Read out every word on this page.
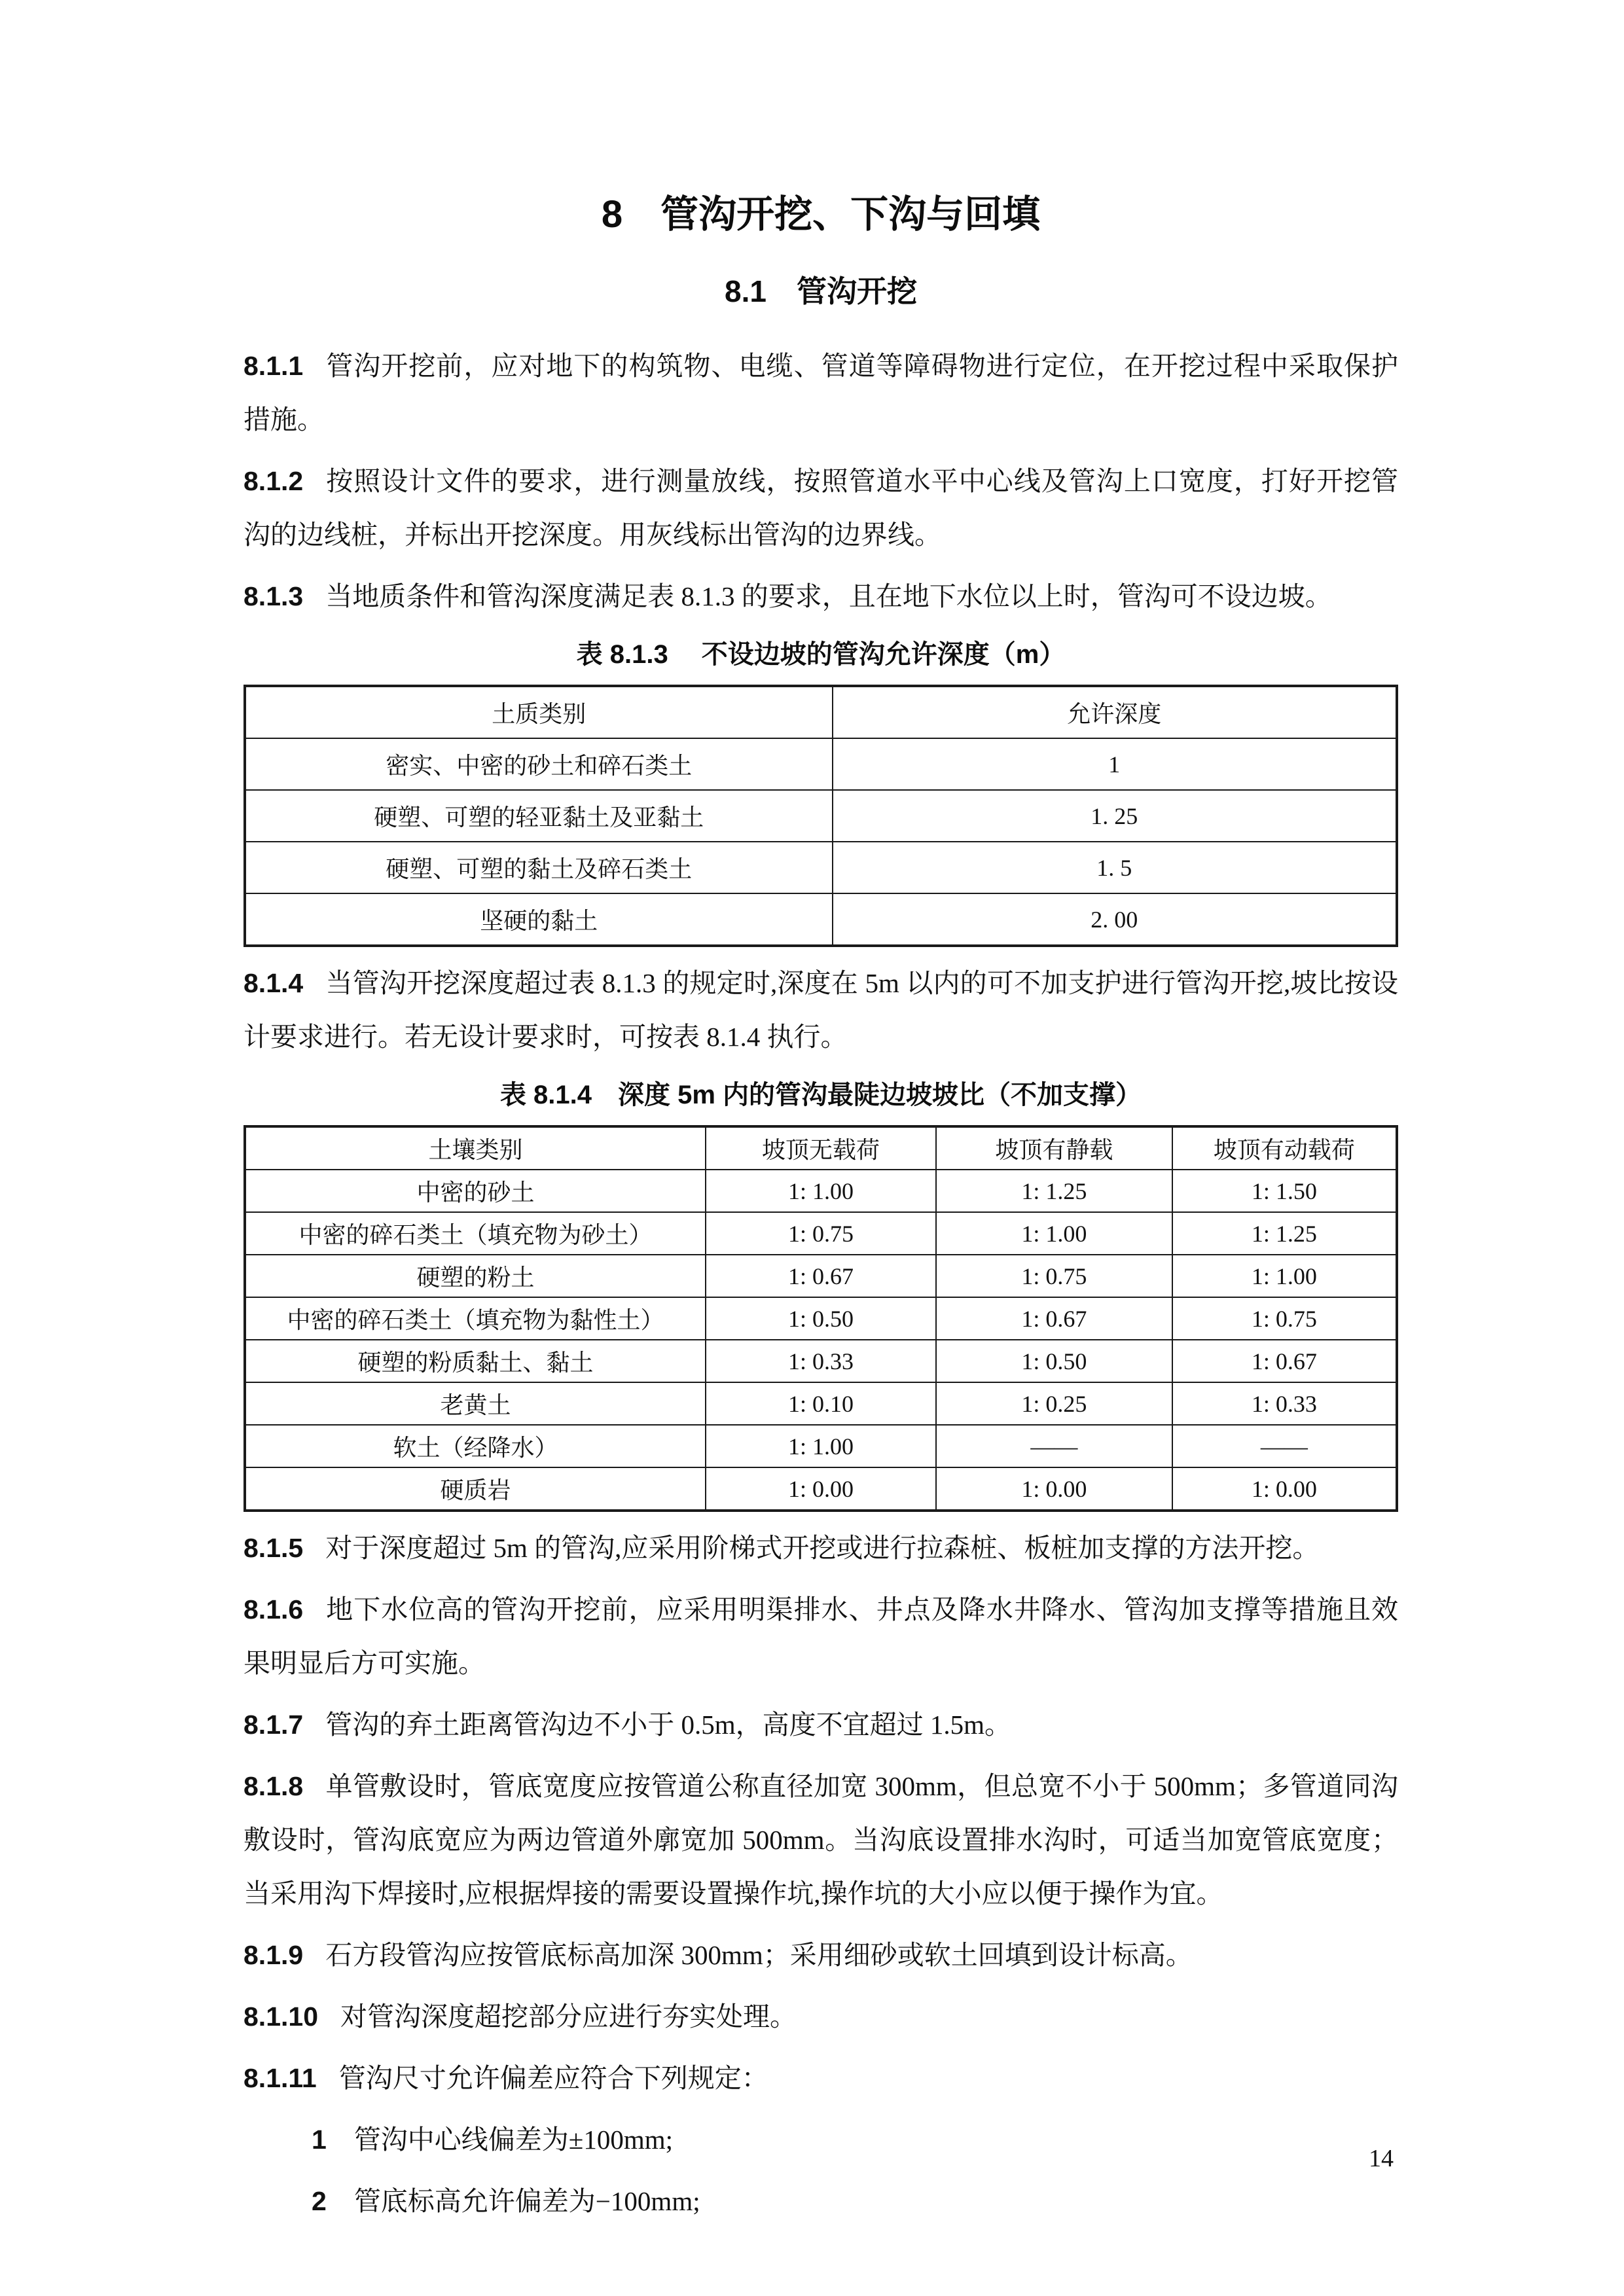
8　管沟开挖、下沟与回填
8.1　管沟开挖

8.1.1 管沟开挖前，应对地下的构筑物、电缆、管道等障碍物进行定位，在开挖过程中采取保护措施。

8.1.2 按照设计文件的要求，进行测量放线，按照管道水平中心线及管沟上口宽度，打好开挖管沟的边线桩，并标出开挖深度。用灰线标出管沟的边界线。

8.1.3 当地质条件和管沟深度满足表 8.1.3 的要求，且在地下水位以上时，管沟可不设边坡。

表 8.1.3　 不设边坡的管沟允许深度（m）
土质类别	允许深度
密实、中密的砂土和碎石类土	1
硬塑、可塑的轻亚黏土及亚黏土	1. 25
硬塑、可塑的黏土及碎石类土	1. 5
坚硬的黏土	2. 00

8.1.4 当管沟开挖深度超过表 8.1.3 的规定时,深度在 5m 以内的可不加支护进行管沟开挖,坡比按设计要求进行。若无设计要求时，可按表 8.1.4 执行。

表 8.1.4　深度 5m 内的管沟最陡边坡坡比（不加支撑）
土壤类别	坡顶无载荷	坡顶有静载	坡顶有动载荷
中密的砂土	1: 1.00	1: 1.25	1: 1.50
中密的碎石类土（填充物为砂土）	1: 0.75	1: 1.00	1: 1.25
硬塑的粉土	1: 0.67	1: 0.75	1: 1.00
中密的碎石类土（填充物为黏性土）	1: 0.50	1: 0.67	1: 0.75
硬塑的粉质黏土、黏土	1: 0.33	1: 0.50	1: 0.67
老黄土	1: 0.10	1: 0.25	1: 0.33
软土（经降水）	1: 1.00	——	——
硬质岩	1: 0.00	1: 0.00	1: 0.00

8.1.5 对于深度超过 5m 的管沟,应采用阶梯式开挖或进行拉森桩、板桩加支撑的方法开挖。

8.1.6 地下水位高的管沟开挖前，应采用明渠排水、井点及降水井降水、管沟加支撑等措施且效果明显后方可实施。

8.1.7 管沟的弃土距离管沟边不小于 0.5m，高度不宜超过 1.5m。

8.1.8 单管敷设时，管底宽度应按管道公称直径加宽 300mm，但总宽不小于 500mm；多管道同沟敷设时，管沟底宽应为两边管道外廓宽加 500mm。当沟底设置排水沟时，可适当加宽管底宽度；当采用沟下焊接时,应根据焊接的需要设置操作坑,操作坑的大小应以便于操作为宜。

8.1.9 石方段管沟应按管底标高加深 300mm；采用细砂或软土回填到设计标高。

8.1.10 对管沟深度超挖部分应进行夯实处理。

8.1.11 管沟尺寸允许偏差应符合下列规定：

1 管沟中心线偏差为±100mm;

2 管底标高允许偏差为−100mm;

14
